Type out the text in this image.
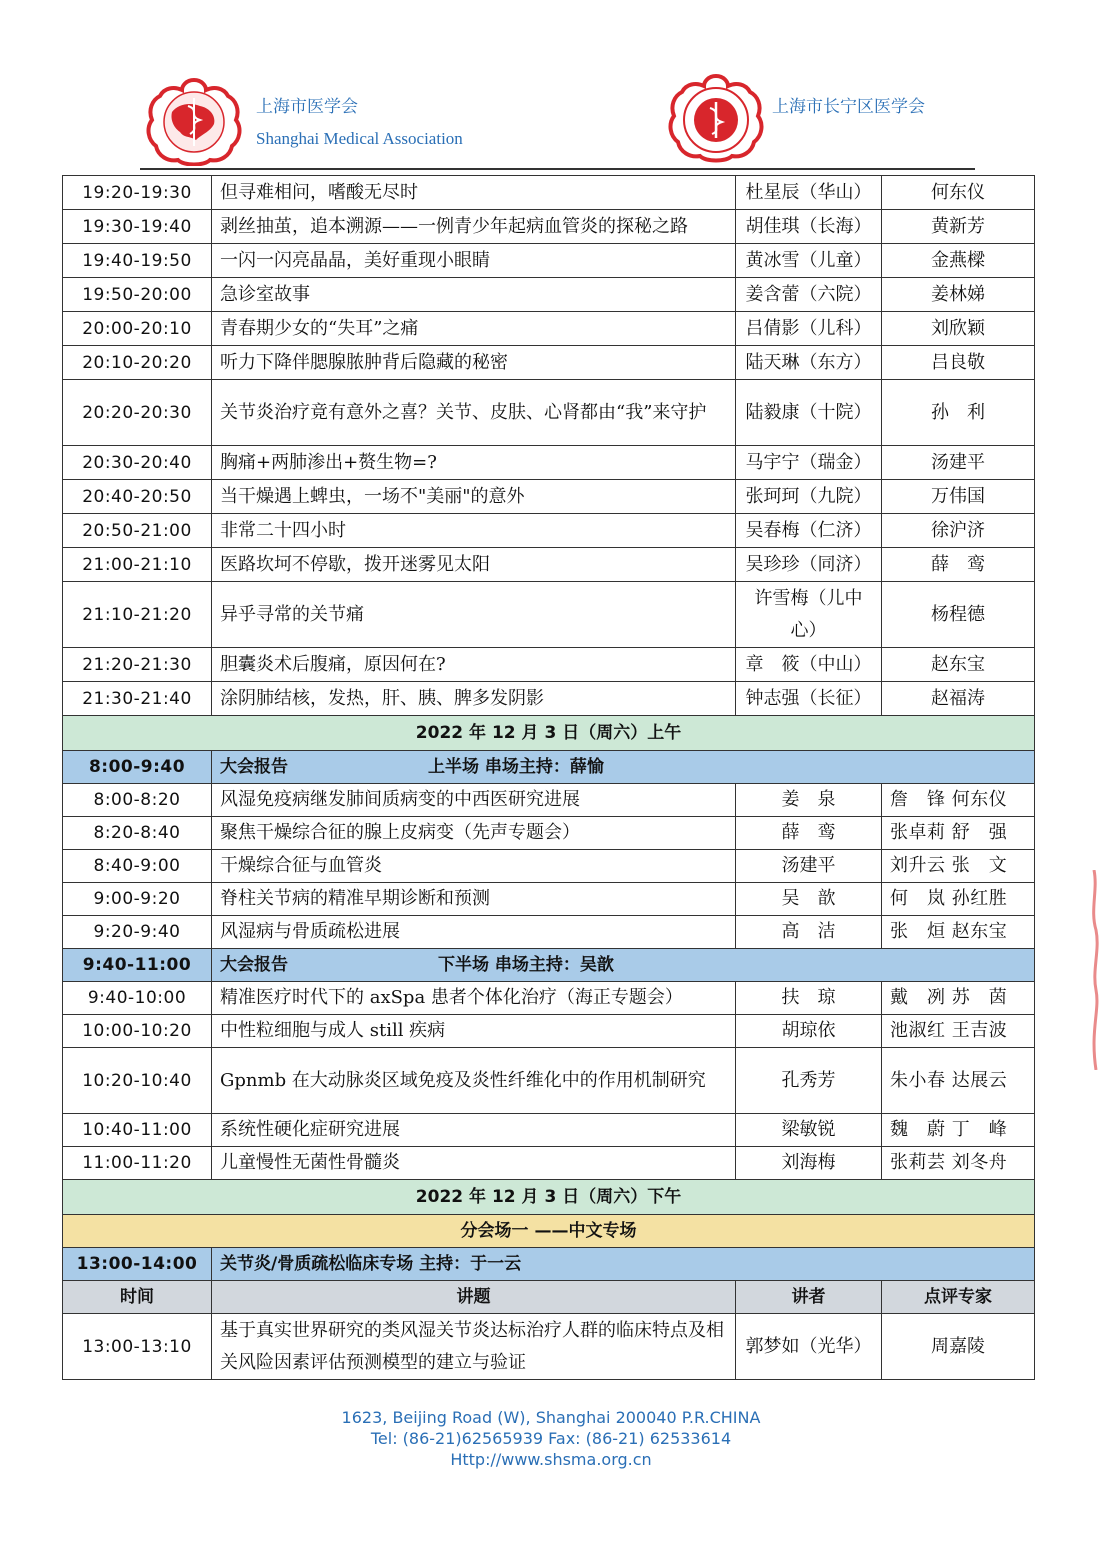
上海市医学会
Shanghai Medical Association
上海市长宁区医学会
19:20-19:30	但寻难相问，嗜酸无尽时	杜星辰（华山）	何东仪
19:30-19:40	剥丝抽茧，追本溯源——一例青少年起病血管炎的探秘之路	胡佳琪（长海）	黄新芳
19:40-19:50	一闪一闪亮晶晶，美好重现小眼睛	黄冰雪（儿童）	金燕樑
19:50-20:00	急诊室故事	姜含蕾（六院）	姜林娣
20:00-20:10	青春期少女的“失耳”之痛	吕倩影（儿科）	刘欣颖
20:10-20:20	听力下降伴腮腺脓肿背后隐藏的秘密	陆天琳（东方）	吕良敬
20:20-20:30	关节炎治疗竟有意外之喜？关节、皮肤、心肾都由“我”来守护	陆毅康（十院）	孙　利
20:30-20:40	胸痛+两肺渗出+赘生物=?	马宇宁（瑞金）	汤建平
20:40-20:50	当干燥遇上蜱虫，一场不"美丽"的意外	张珂珂（九院）	万伟国
20:50-21:00	非常二十四小时	吴春梅（仁济）	徐沪济
21:00-21:10	医路坎坷不停歇，拨开迷雾见太阳	吴珍珍（同济）	薛　鸾
21:10-21:20	异乎寻常的关节痛	许雪梅（儿中心）	杨程德
21:20-21:30	胆囊炎术后腹痛，原因何在?	章　筱（中山）	赵东宝
21:30-21:40	涂阴肺结核，发热，肝、胰、脾多发阴影	钟志强（长征）	赵福涛
2022 年 12 月 3 日（周六）上午			
8:00-9:40	大会报告 上半场 串场主持：薛愉		
8:00-8:20	风湿免疫病继发肺间质病变的中西医研究进展	姜　泉	詹　锋 何东仪
8:20-8:40	聚焦干燥综合征的腺上皮病变（先声专题会）	薛　鸾	张卓莉 舒　强
8:40-9:00	干燥综合征与血管炎	汤建平	刘升云 张　文
9:00-9:20	脊柱关节病的精准早期诊断和预测	吴　歆	何　岚 孙红胜
9:20-9:40	风湿病与骨质疏松进展	高　洁	张　烜 赵东宝
9:40-11:00	大会报告 下半场 串场主持：吴歆		
9:40-10:00	精准医疗时代下的 axSpa 患者个体化治疗（海正专题会）	扶　琼	戴　冽 苏　茵
10:00-10:20	中性粒细胞与成人 still 疾病	胡琼依	池淑红 王吉波
10:20-10:40	Gpnmb 在大动脉炎区域免疫及炎性纤维化中的作用机制研究	孔秀芳	朱小春 达展云
10:40-11:00	系统性硬化症研究进展	梁敏锐	魏　蔚 丁　峰
11:00-11:20	儿童慢性无菌性骨髓炎	刘海梅	张莉芸 刘冬舟
2022 年 12 月 3 日（周六）下午			
分会场一 ——中文专场			
13:00-14:00	关节炎/骨质疏松临床专场 主持：于一云		
时间	讲题	讲者	点评专家
13:00-13:10	基于真实世界研究的类风湿关节炎达标治疗人群的临床特点及相关风险因素评估预测模型的建立与验证	郭梦如（光华）	周嘉陵
1623, Beijing Road (W), Shanghai 200040 P.R.CHINA
Tel: (86-21)62565939 Fax: (86-21) 62533614
Http://www.shsma.org.cn
